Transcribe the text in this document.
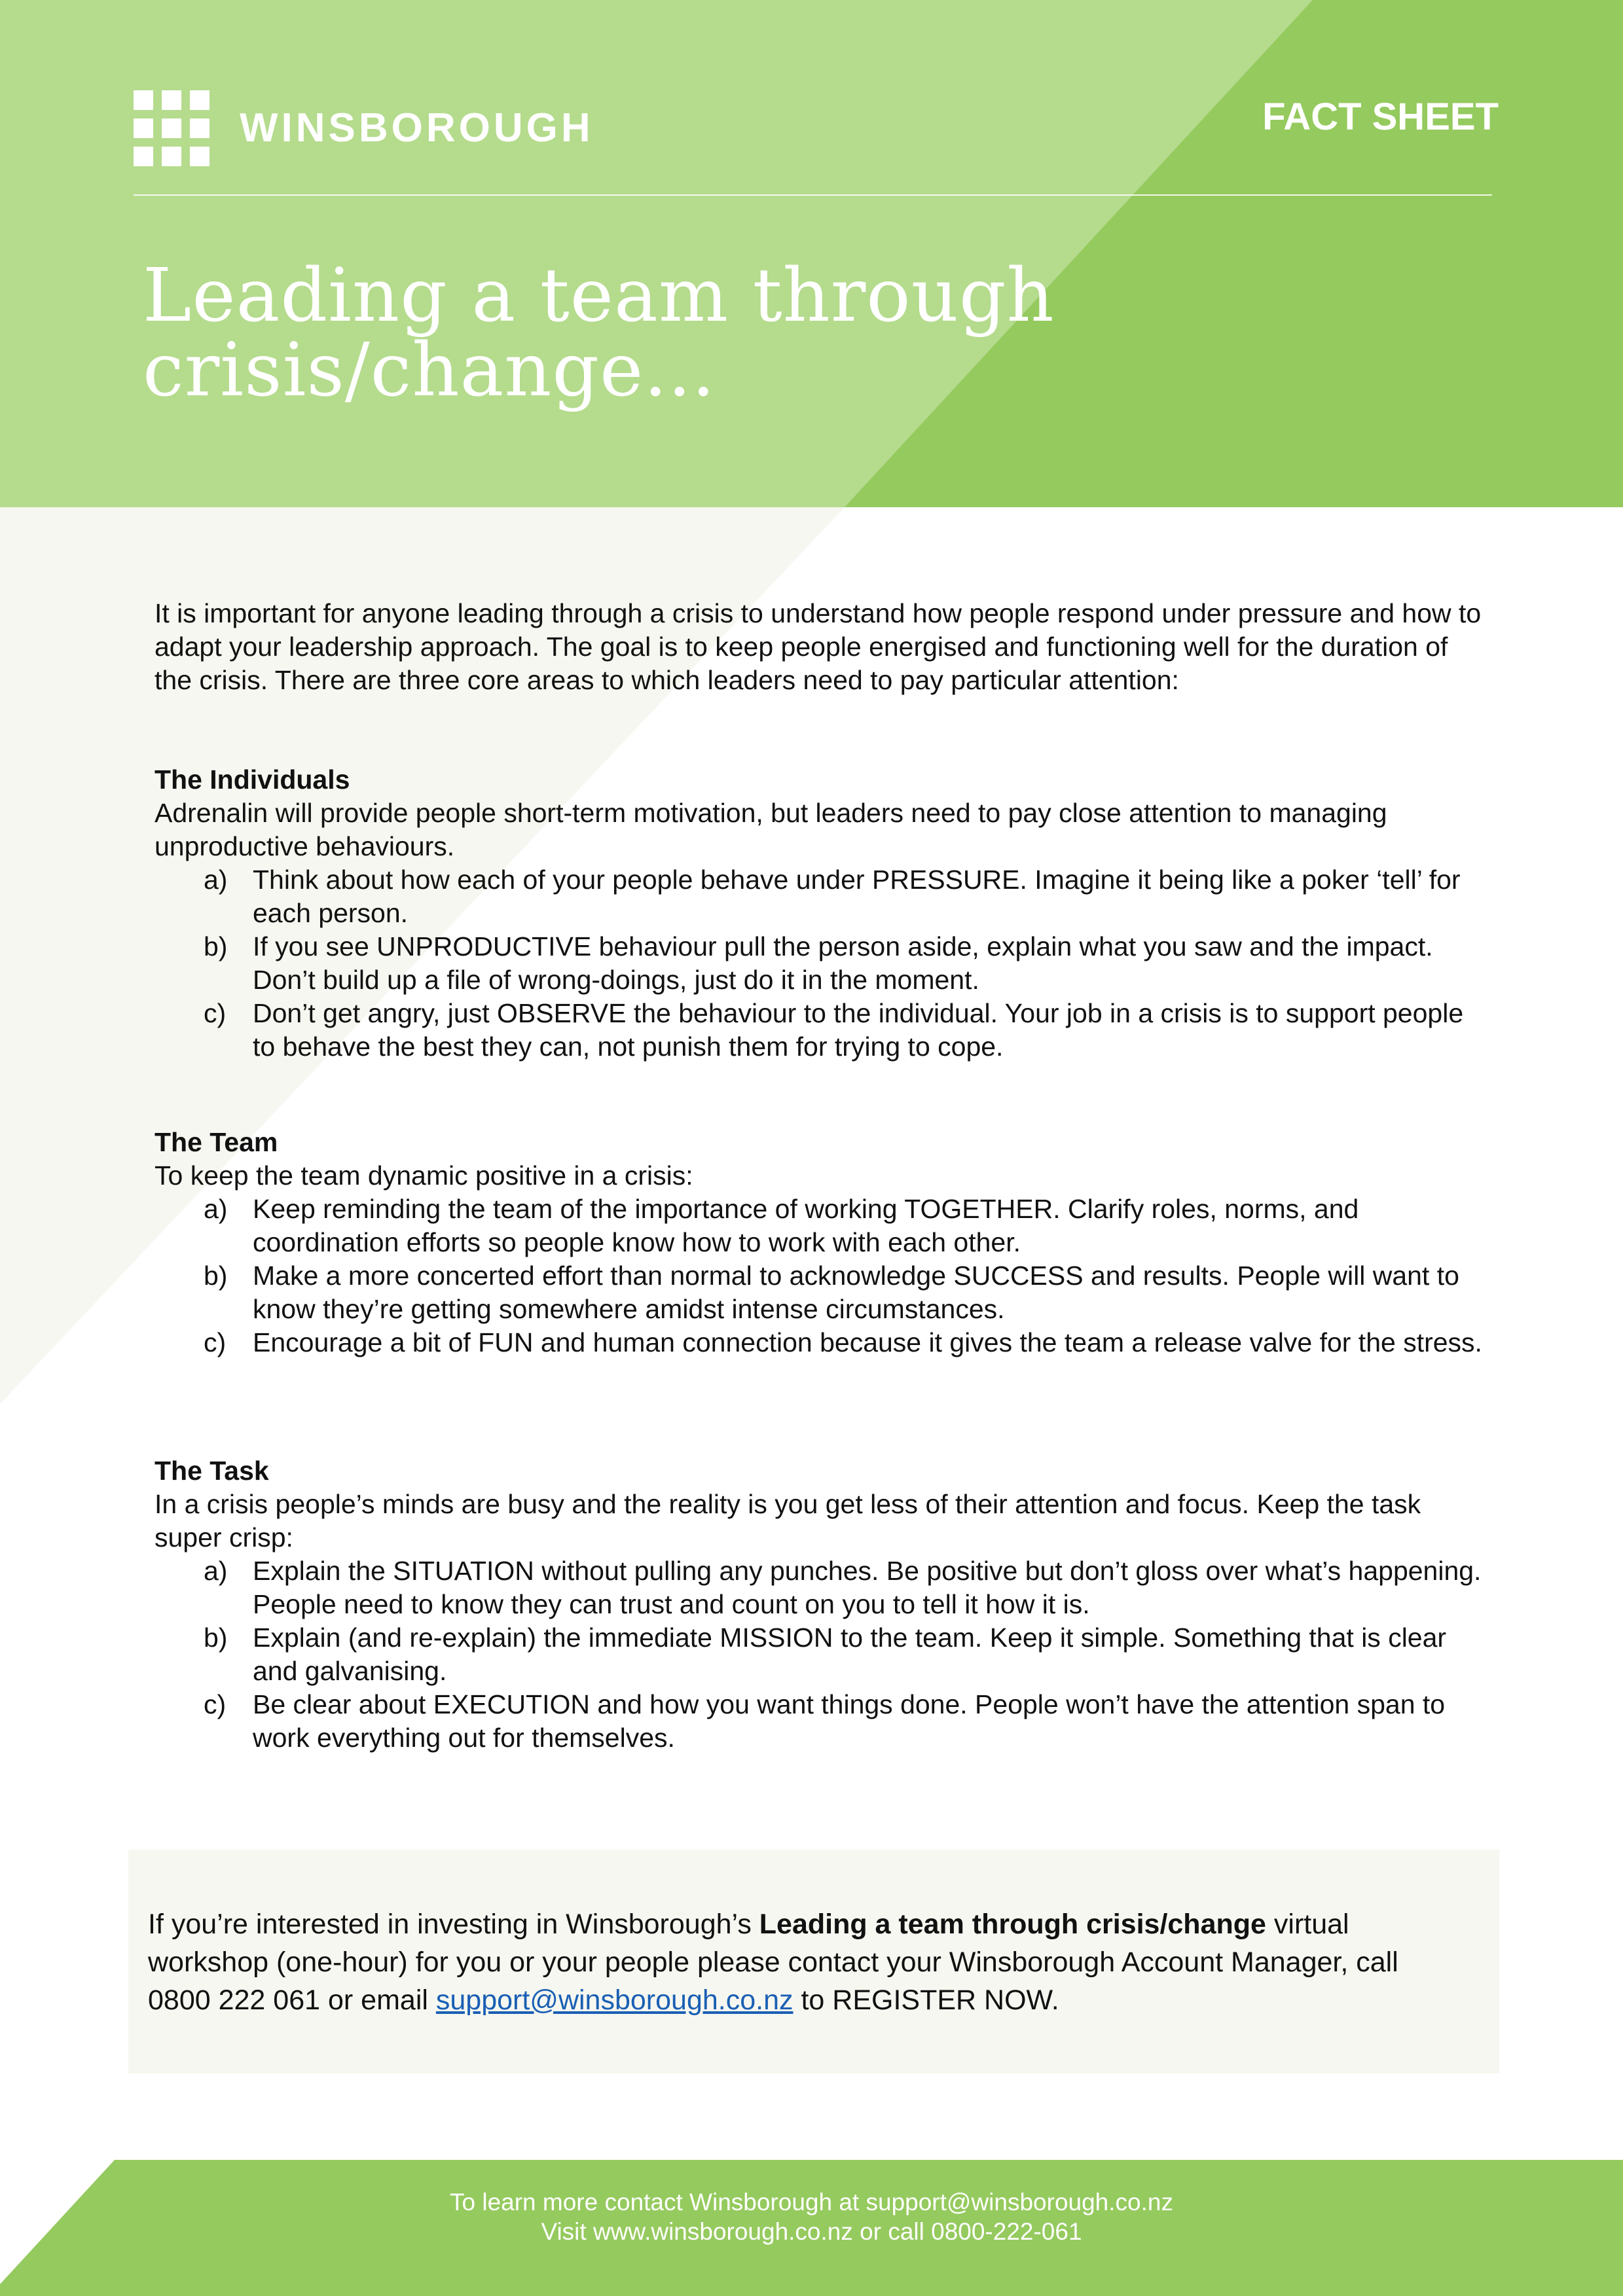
WINSBOROUGH	FACT SHEET
Leading a team through
crisis/change...

It is important for anyone leading through a crisis to understand how people respond under pressure and how to adapt your leadership approach. The goal is to keep people energised and functioning well for the duration of the crisis. There are three core areas to which leaders need to pay particular attention:

The Individuals

Adrenalin will provide people short-term motivation, but leaders need to pay close attention to managing unproductive behaviours.

a) Think about how each of your people behave under PRESSURE. Imagine it being like a poker ‘tell’ for each person.
b) If you see UNPRODUCTIVE behaviour pull the person aside, explain what you saw and the impact. Don’t build up a file of wrong-doings, just do it in the moment.
c) Don’t get angry, just OBSERVE the behaviour to the individual. Your job in a crisis is to support people to behave the best they can, not punish them for trying to cope.
The Team

To keep the team dynamic positive in a crisis:

a) Keep reminding the team of the importance of working TOGETHER. Clarify roles, norms, and coordination efforts so people know how to work with each other.
b) Make a more concerted effort than normal to acknowledge SUCCESS and results. People will want to know they’re getting somewhere amidst intense circumstances.
c) Encourage a bit of FUN and human connection because it gives the team a release valve for the stress.
The Task

In a crisis people’s minds are busy and the reality is you get less of their attention and focus. Keep the task super crisp:

a) Explain the SITUATION without pulling any punches. Be positive but don’t gloss over what’s happening. People need to know they can trust and count on you to tell it how it is.
b) Explain (and re-explain) the immediate MISSION to the team. Keep it simple. Something that is clear and galvanising.
c) Be clear about EXECUTION and how you want things done. People won’t have the attention span to work everything out for themselves.
If you’re interested in investing in Winsborough’s Leading a team through crisis/change virtual workshop (one-hour) for you or your people please contact your Winsborough Account Manager, call 0800 222 061 or email support@winsborough.co.nz to REGISTER NOW.
To learn more contact Winsborough at support@winsborough.co.nz
Visit www.winsborough.co.nz or call 0800-222-061
